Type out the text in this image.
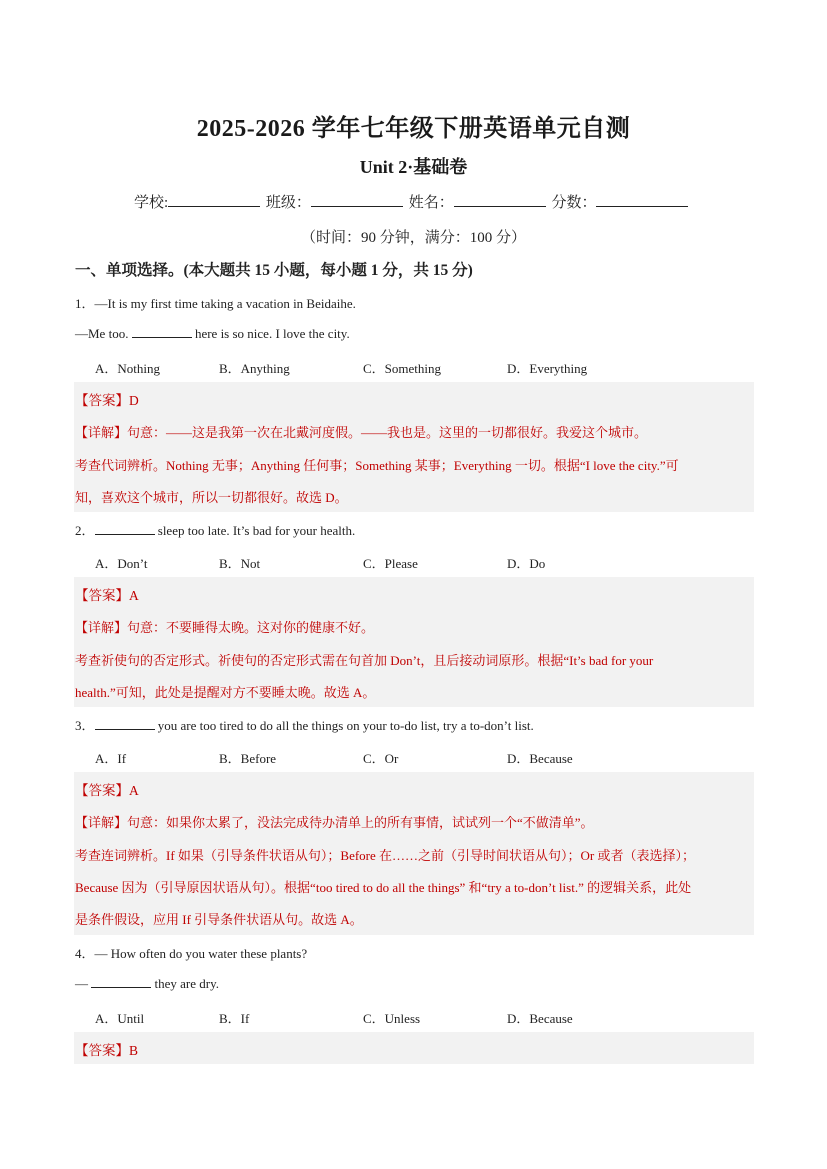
2025-2026 学年七年级下册英语单元自测
Unit 2·基础卷
学校:	班级：	姓名：	分数：
（时间：90 分钟，满分：100 分）
一、单项选择。(本大题共 15 小题，每小题 1 分，共 15 分)
1．—It is my first time taking a vacation in Beidaihe.
—Me too.	here is so nice. I love the city.
A．Nothing	B．Anything	C．Something	D．Everything
【答案】D
【详解】句意：——这是我第一次在北戴河度假。——我也是。这里的一切都很好。我爱这个城市。
考查代词辨析。Nothing 无事；Anything 任何事；Something 某事；Everything 一切。根据“I love the city.”可
知，喜欢这个城市，所以一切都很好。故选 D。
2．	sleep too late. It’s bad for your health.
A．Don’t	B．Not	C．Please	D．Do
【答案】A
【详解】句意：不要睡得太晚。这对你的健康不好。
考查祈使句的否定形式。祈使句的否定形式需在句首加 Don’t，且后接动词原形。根据“It’s bad for your
health.”可知，此处是提醒对方不要睡太晚。故选 A。
3．	you are too tired to do all the things on your to-do list, try a to-don’t list.
A．If	B．Before	C．Or	D．Because
【答案】A
【详解】句意：如果你太累了，没法完成待办清单上的所有事情，试试列一个“不做清单”。
考查连词辨析。If 如果（引导条件状语从句）；Before 在……之前（引导时间状语从句）；Or 或者（表选择）；
Because 因为（引导原因状语从句）。根据“too tired to do all the things” 和“try a to-don’t list.” 的逻辑关系，此处
是条件假设，应用 If 引导条件状语从句。故选 A。
4．— How often do you water these plants?
—	they are dry.
A．Until	B．If	C．Unless	D．Because
【答案】B
